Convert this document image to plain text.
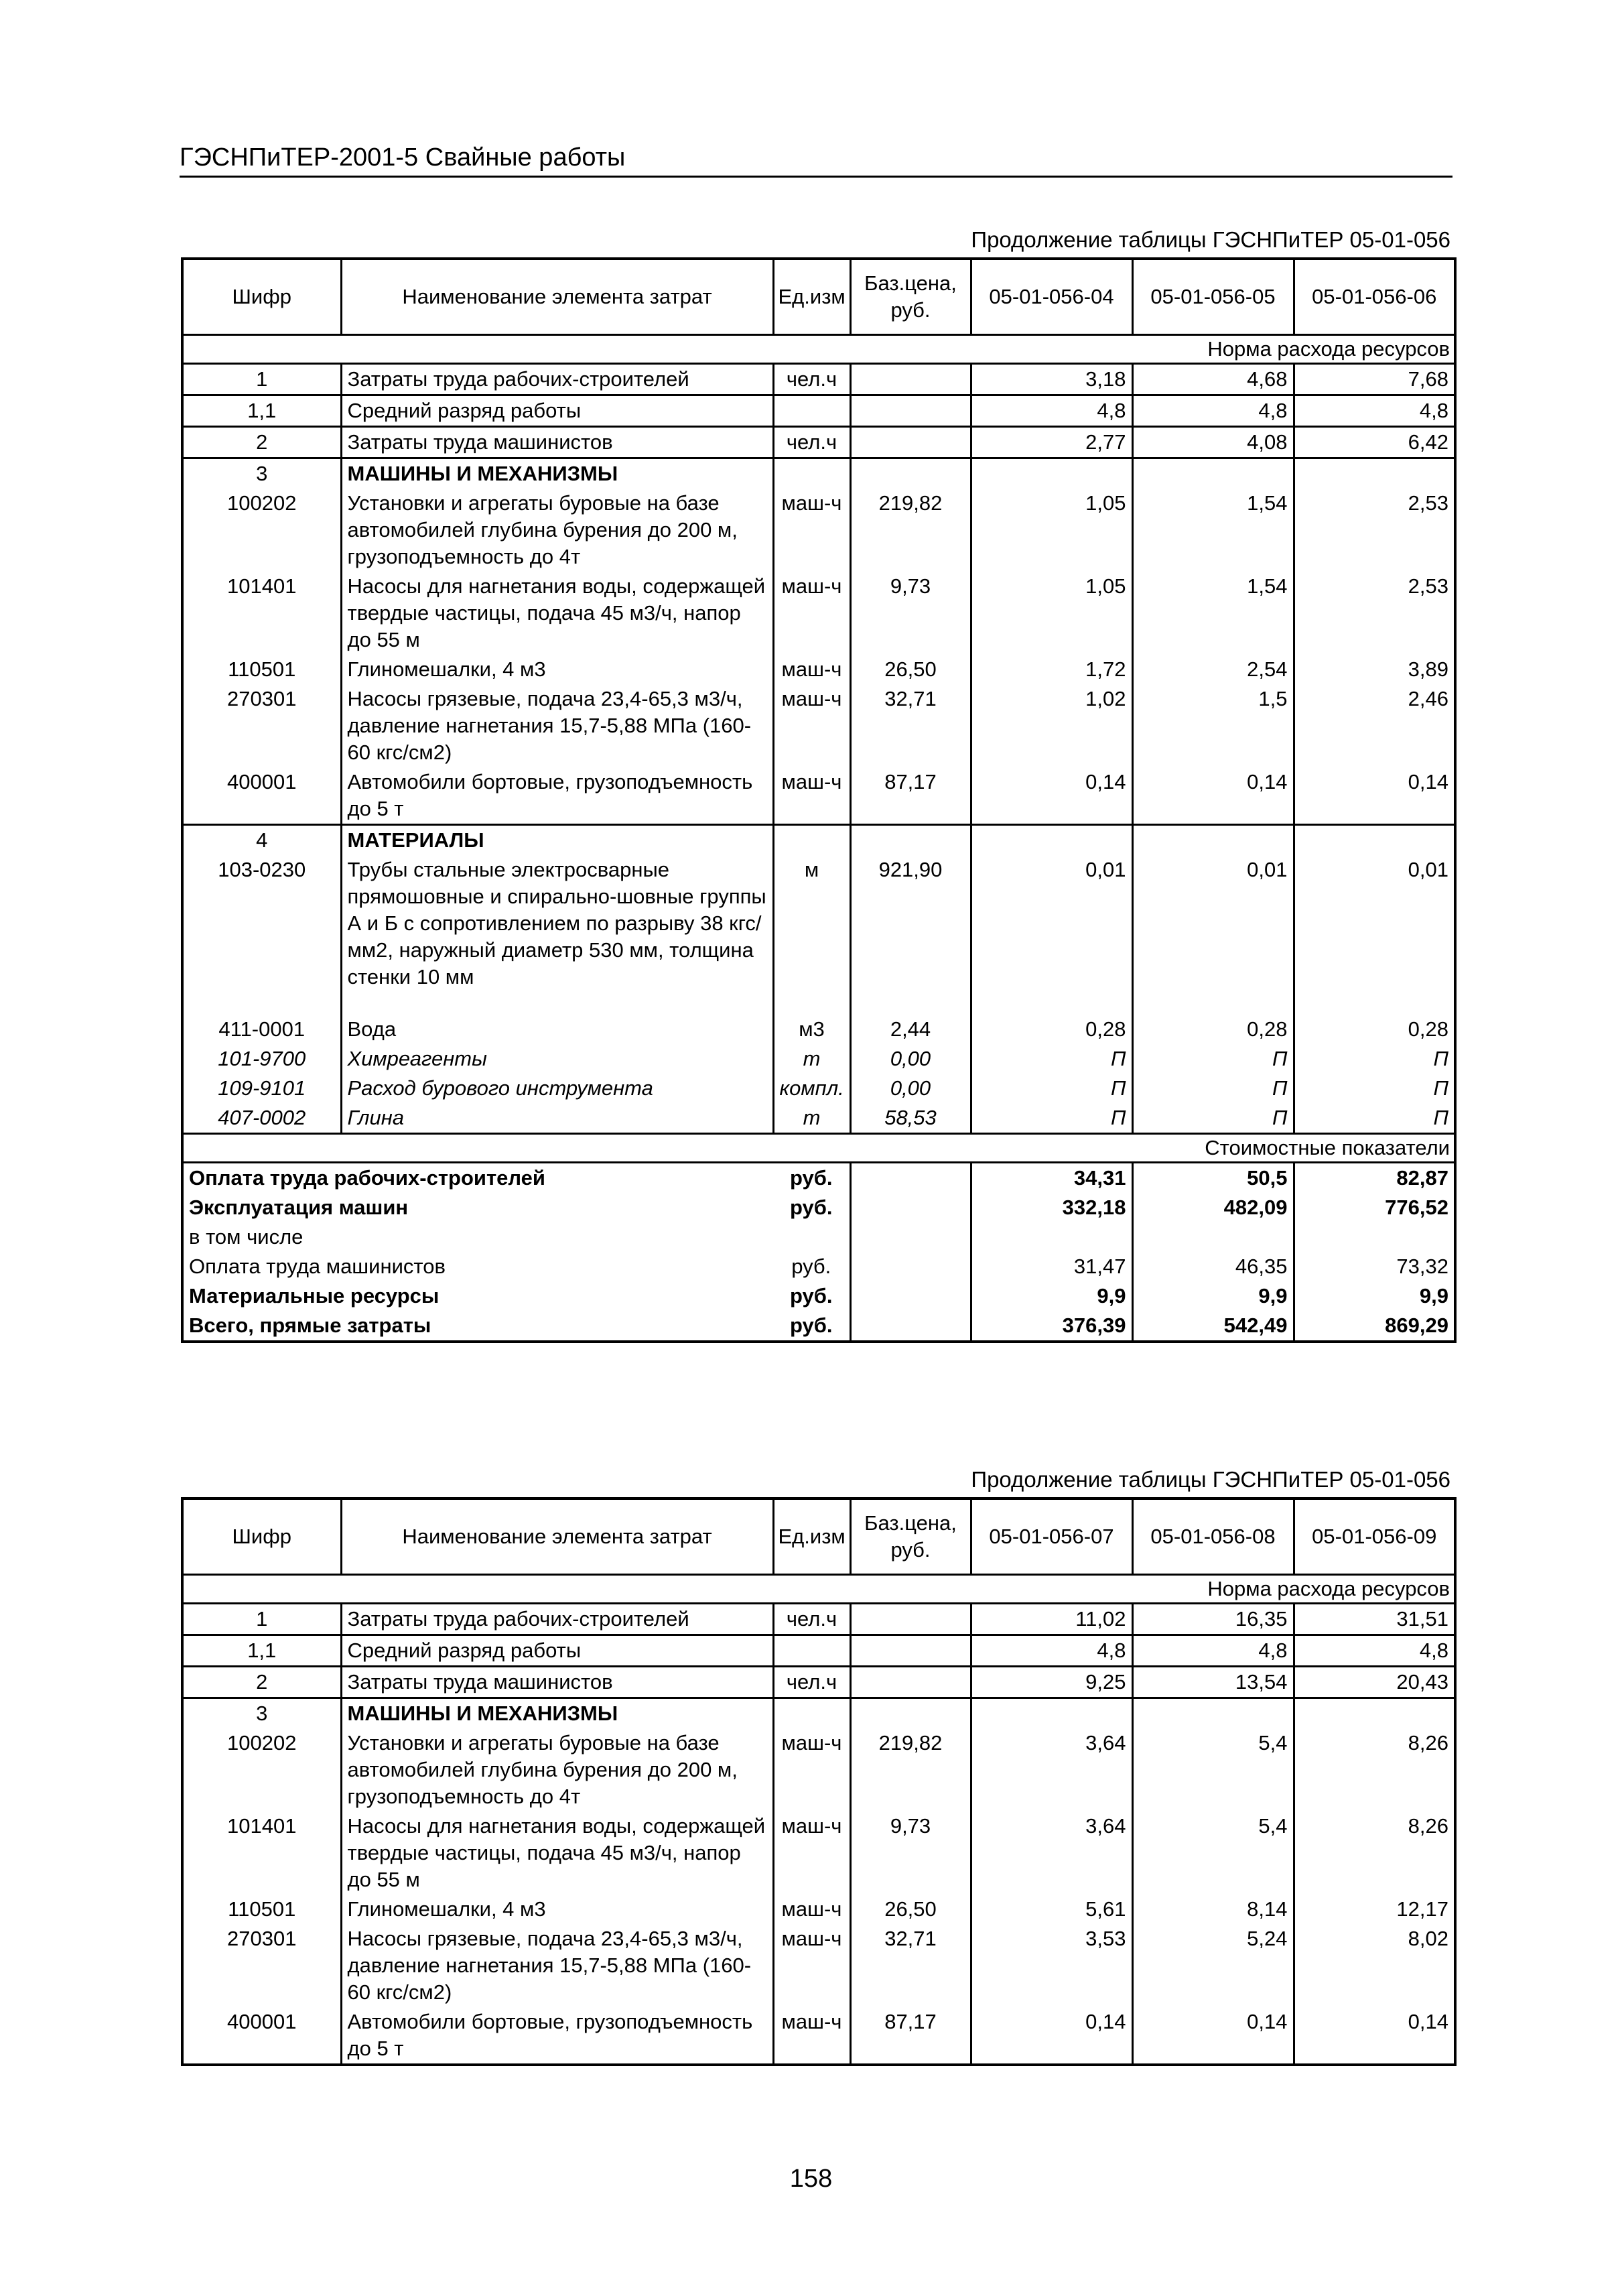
ГЭСНПиТЕР-2001-5 Свайные работы
Продолжение таблицы ГЭСНПиТЕР 05-01-056
Шифр	Наименование элемента затрат	Ед.изм	Баз.цена, руб.	05-01-056-04	05-01-056-05	05-01-056-06
Норма расхода ресурсов						
1	Затраты труда рабочих-строителей	чел.ч		3,18	4,68	7,68
1,1	Средний разряд работы			4,8	4,8	4,8
2	Затраты труда машинистов	чел.ч		2,77	4,08	6,42
3	МАШИНЫ И МЕХАНИЗМЫ					
100202	Установки и агрегаты буровые на базе автомобилей глубина бурения до 200 м, грузоподъемность до 4т	маш-ч	219,82	1,05	1,54	2,53
101401	Насосы для нагнетания воды, содержащей твердые частицы, подача 45 м3/ч, напор до 55 м	маш-ч	9,73	1,05	1,54	2,53
110501	Глиномешалки, 4 м3	маш-ч	26,50	1,72	2,54	3,89
270301	Насосы грязевые, подача 23,4-65,3 м3/ч, давление нагнетания 15,7-5,88 МПа (160-60 кгс/см2)	маш-ч	32,71	1,02	1,5	2,46
400001	Автомобили бортовые, грузоподъемность до 5 т	маш-ч	87,17	0,14	0,14	0,14
4	МАТЕРИАЛЫ					
103-0230	Трубы стальные электросварные прямошовные и спирально-шовные группы А и Б с сопротивлением по разрыву 38 кгс/мм2, наружный диаметр 530 мм, толщина стенки 10 мм	м	921,90	0,01	0,01	0,01

411-0001	Вода	м3	2,44	0,28	0,28	0,28
101-9700	Химреагенты	т	0,00	П	П	П
109-9101	Расход бурового инструмента	компл.	0,00	П	П	П
407-0002	Глина	т	58,53	П	П	П
Стоимостные показатели						
Оплата труда рабочих-строителей		руб.		34,31	50,5	82,87
Эксплуатация машин		руб.		332,18	482,09	776,52
в том числе						
Оплата труда машинистов		руб.		31,47	46,35	73,32
Материальные ресурсы		руб.		9,9	9,9	9,9
Всего, прямые затраты		руб.		376,39	542,49	869,29
Продолжение таблицы ГЭСНПиТЕР 05-01-056
Шифр	Наименование элемента затрат	Ед.изм	Баз.цена, руб.	05-01-056-07	05-01-056-08	05-01-056-09
Норма расхода ресурсов						
1	Затраты труда рабочих-строителей	чел.ч		11,02	16,35	31,51
1,1	Средний разряд работы			4,8	4,8	4,8
2	Затраты труда машинистов	чел.ч		9,25	13,54	20,43
3	МАШИНЫ И МЕХАНИЗМЫ					
100202	Установки и агрегаты буровые на базе автомобилей глубина бурения до 200 м, грузоподъемность до 4т	маш-ч	219,82	3,64	5,4	8,26
101401	Насосы для нагнетания воды, содержащей твердые частицы, подача 45 м3/ч, напор до 55 м	маш-ч	9,73	3,64	5,4	8,26
110501	Глиномешалки, 4 м3	маш-ч	26,50	5,61	8,14	12,17
270301	Насосы грязевые, подача 23,4-65,3 м3/ч, давление нагнетания 15,7-5,88 МПа (160-60 кгс/см2)	маш-ч	32,71	3,53	5,24	8,02
400001	Автомобили бортовые, грузоподъемность до 5 т	маш-ч	87,17	0,14	0,14	0,14
158
